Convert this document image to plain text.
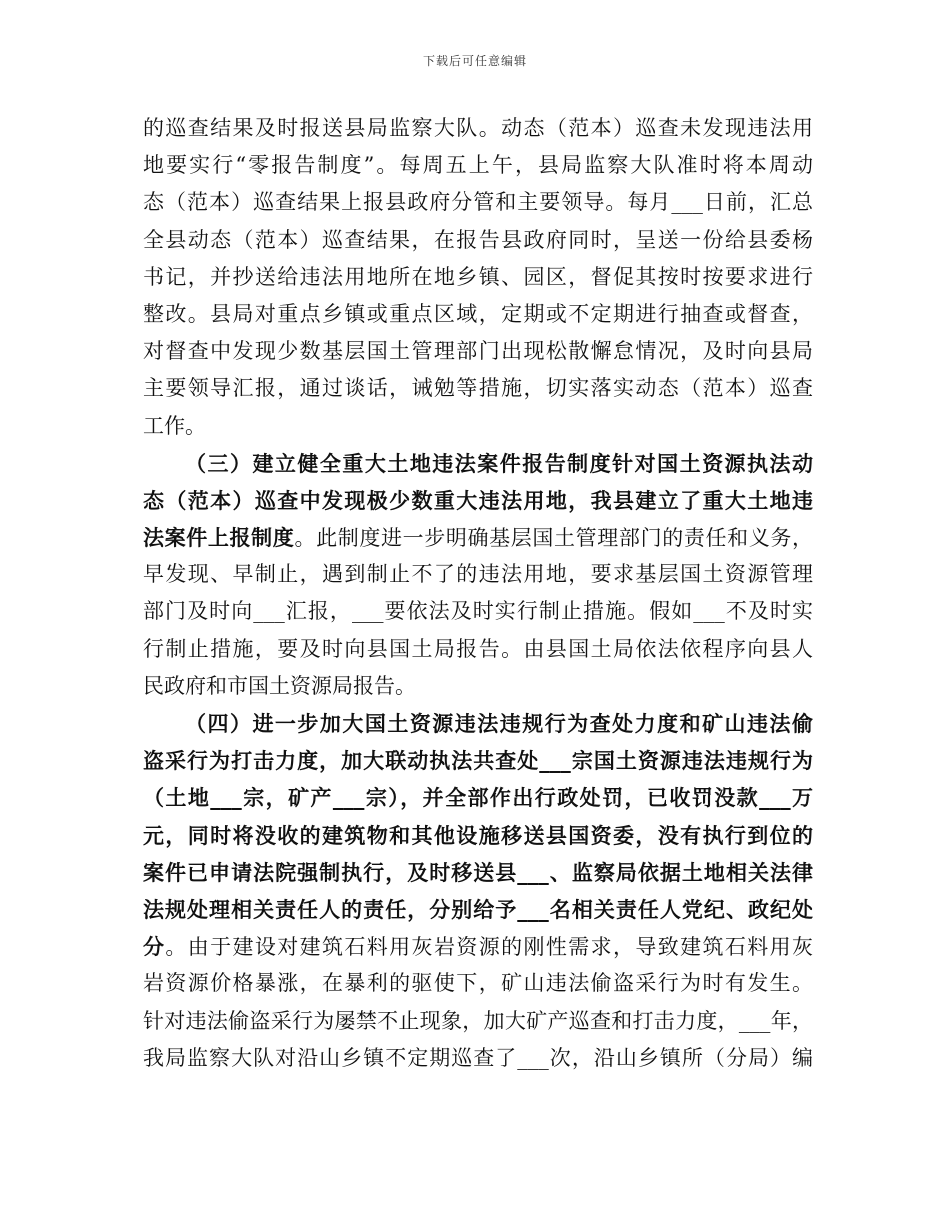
下载后可任意编辑
的巡查结果及时报送县局监察大队。动态（范本）巡查未发现违法用
地要实行“零报告制度”。每周五上午，县局监察大队准时将本周动
态（范本）巡查结果上报县政府分管和主要领导。每月___日前，汇总
全县动态（范本）巡查结果，在报告县政府同时，呈送一份给县委杨
书记，并抄送给违法用地所在地乡镇、园区，督促其按时按要求进行
整改。县局对重点乡镇或重点区域，定期或不定期进行抽查或督查，
对督查中发现少数基层国土管理部门出现松散懈怠情况，及时向县局
主要领导汇报，通过谈话，诫勉等措施，切实落实动态（范本）巡查
工作。
（三）建立健全重大土地违法案件报告制度针对国土资源执法动
态（范本）巡查中发现极少数重大违法用地，我县建立了重大土地违
法案件上报制度。此制度进一步明确基层国土管理部门的责任和义务，
早发现、早制止，遇到制止不了的违法用地，要求基层国土资源管理
部门及时向___汇报，___要依法及时实行制止措施。假如___不及时实
行制止措施，要及时向县国土局报告。由县国土局依法依程序向县人
民政府和市国土资源局报告。
（四）进一步加大国土资源违法违规行为查处力度和矿山违法偷
盗采行为打击力度，加大联动执法共查处___宗国土资源违法违规行为
（土地___宗，矿产___宗），并全部作出行政处罚，已收罚没款___万
元，同时将没收的建筑物和其他设施移送县国资委，没有执行到位的
案件已申请法院强制执行，及时移送县___、监察局依据土地相关法律
法规处理相关责任人的责任，分别给予___名相关责任人党纪、政纪处
分。由于建设对建筑石料用灰岩资源的刚性需求，导致建筑石料用灰
岩资源价格暴涨，在暴利的驱使下，矿山违法偷盗采行为时有发生。
针对违法偷盗采行为屡禁不止现象，加大矿产巡查和打击力度，___年，
我局监察大队对沿山乡镇不定期巡查了___次，沿山乡镇所（分局）编
